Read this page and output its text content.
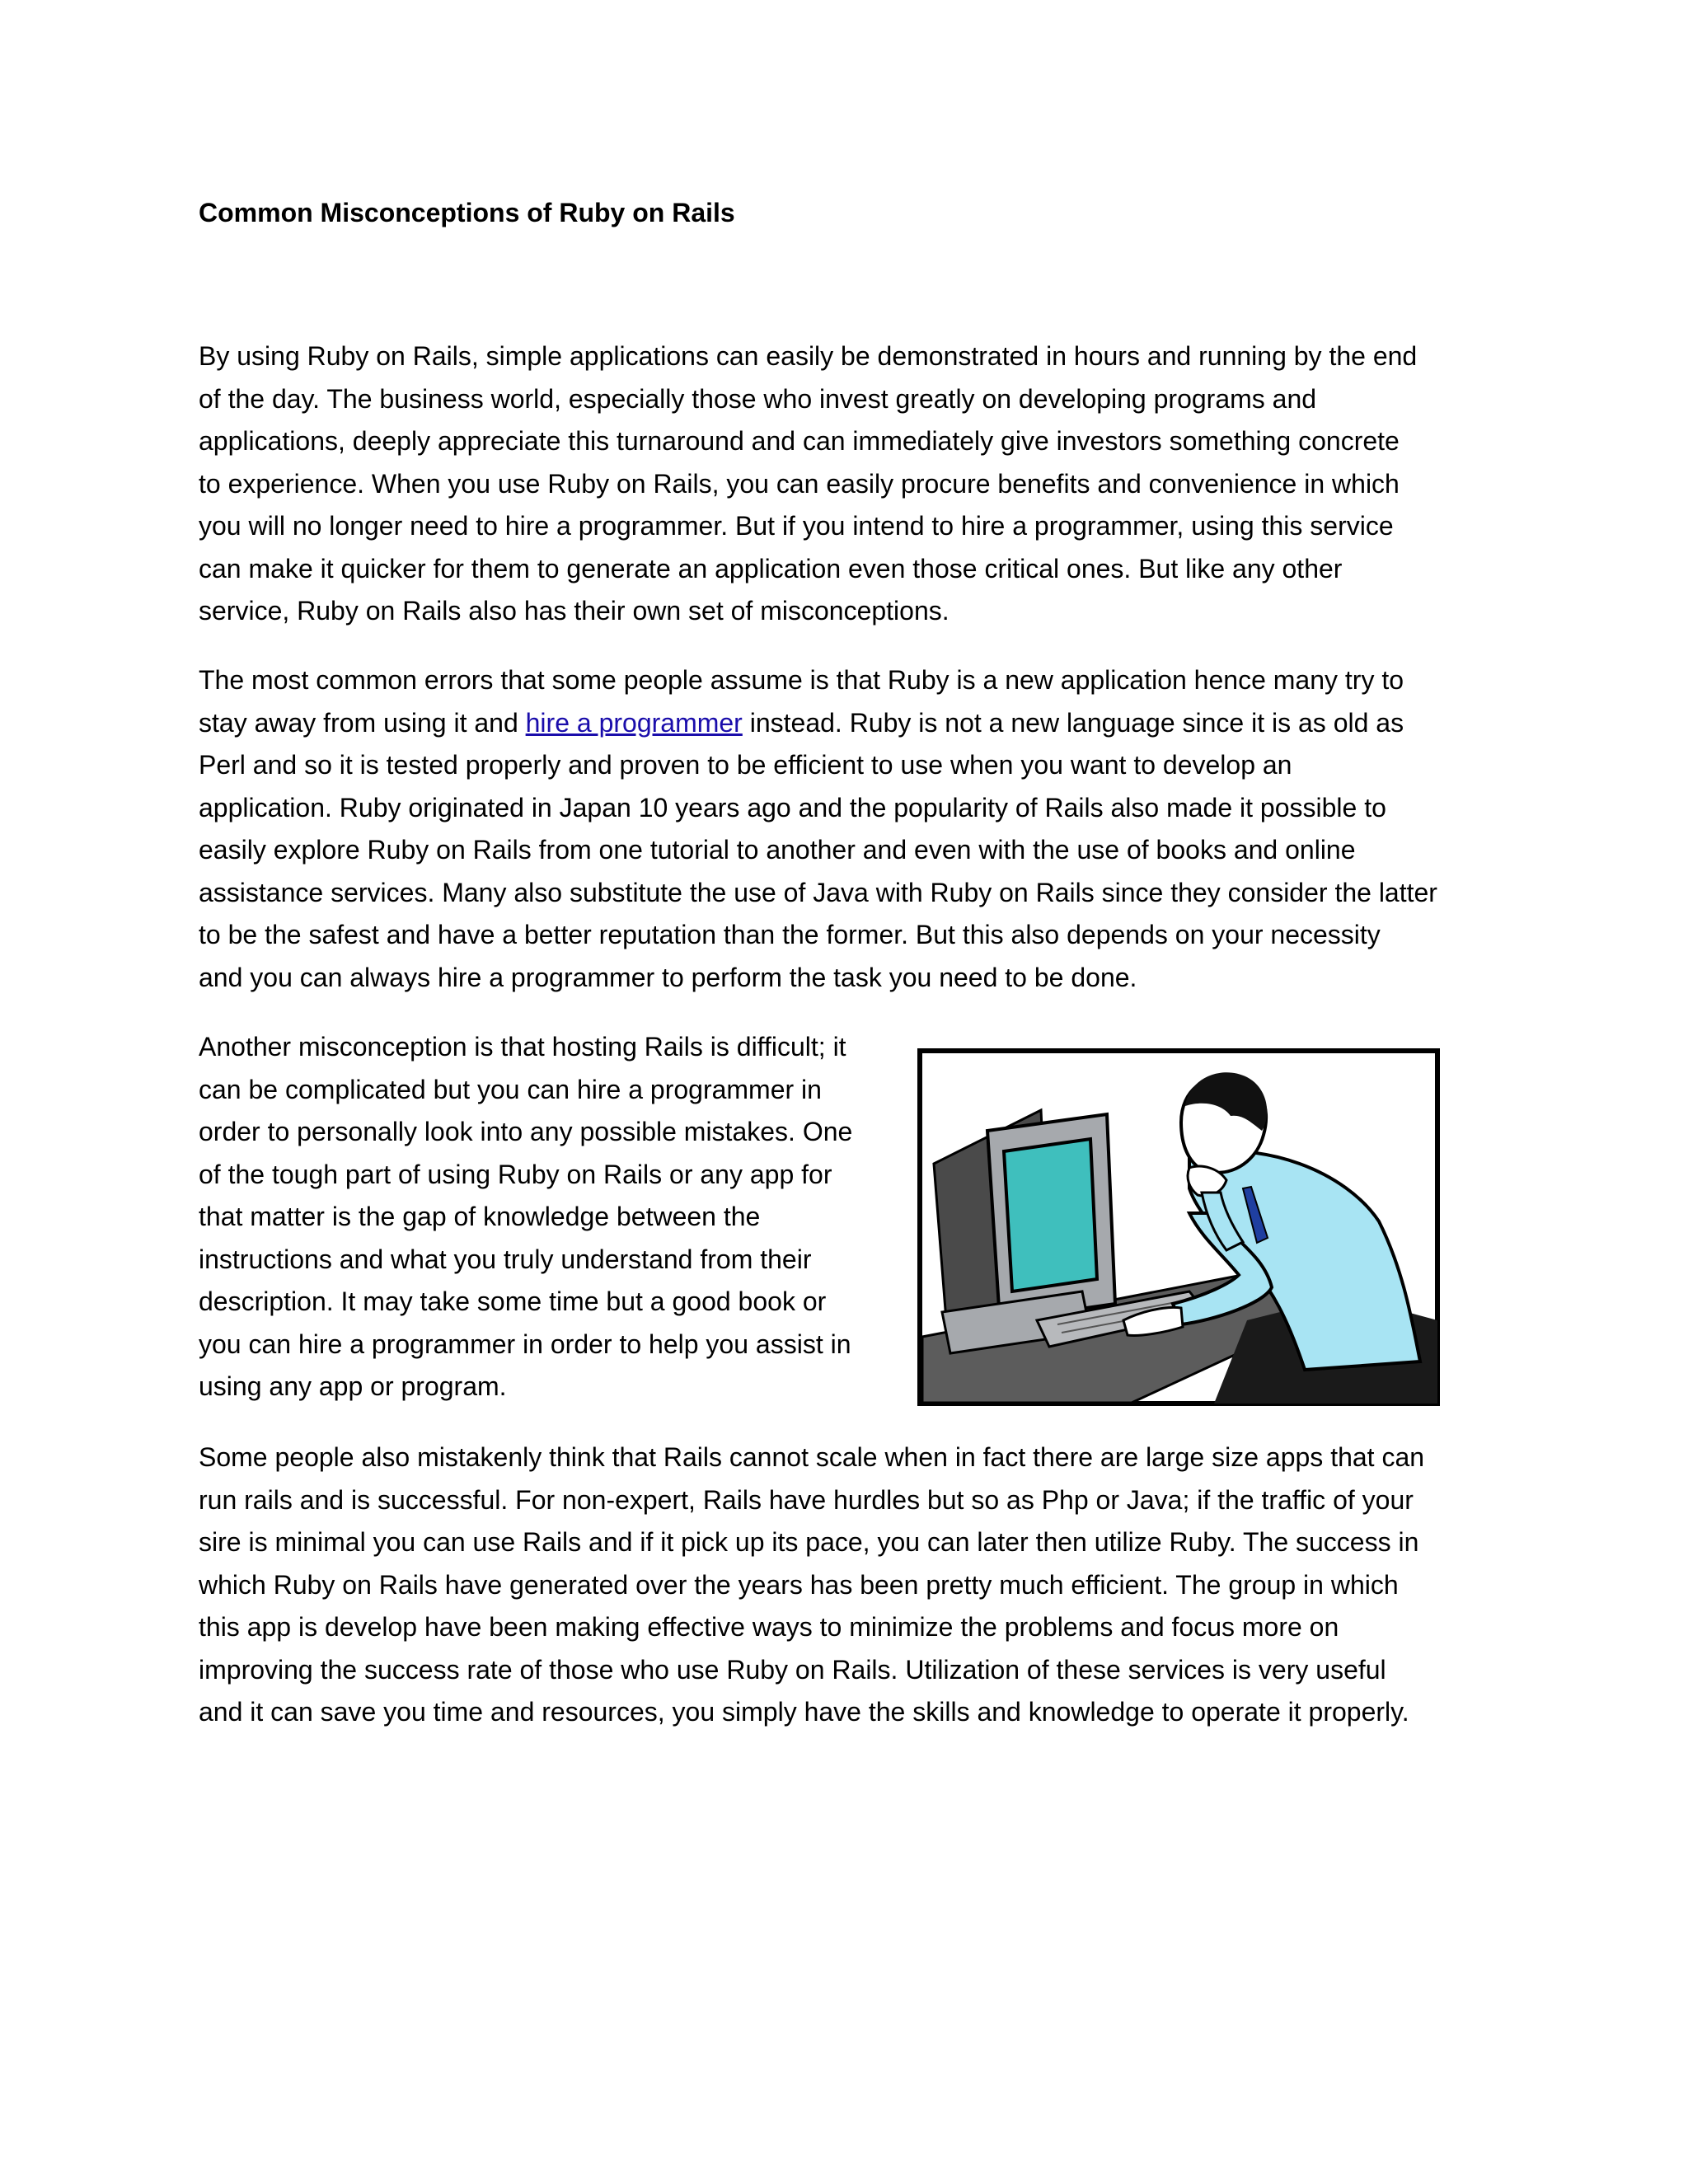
Common Misconceptions of Ruby on Rails

By using Ruby on Rails, simple applications can easily be demonstrated in hours and running by the end
of the day. The business world, especially those who invest greatly on developing programs and
applications, deeply appreciate this turnaround and can immediately give investors something concrete
to experience. When you use Ruby on Rails, you can easily procure benefits and convenience in which
you will no longer need to hire a programmer. But if you intend to hire a programmer, using this service
can make it quicker for them to generate an application even those critical ones. But like any other
service, Ruby on Rails also has their own set of misconceptions.

The most common errors that some people assume is that Ruby is a new application hence many try to
stay away from using it and hire a programmer instead. Ruby is not a new language since it is as old as
Perl and so it is tested properly and proven to be efficient to use when you want to develop an
application. Ruby originated in Japan 10 years ago and the popularity of Rails also made it possible to
easily explore Ruby on Rails from one tutorial to another and even with the use of books and online
assistance services. Many also substitute the use of Java with Ruby on Rails since they consider the latter
to be the safest and have a better reputation than the former. But this also depends on your necessity
and you can always hire a programmer to perform the task you need to be done.

Another misconception is that hosting Rails is difficult; it
can be complicated but you can hire a programmer in
order to personally look into any possible mistakes. One
of the tough part of using Ruby on Rails or any app for
that matter is the gap of knowledge between the
instructions and what you truly understand from their
description. It may take some time but a good book or
you can hire a programmer in order to help you assist in
using any app or program.

Some people also mistakenly think that Rails cannot scale when in fact there are large size apps that can
run rails and is successful. For non-expert, Rails have hurdles but so as Php or Java; if the traffic of your
sire is minimal you can use Rails and if it pick up its pace, you can later then utilize Ruby. The success in
which Ruby on Rails have generated over the years has been pretty much efficient. The group in which
this app is develop have been making effective ways to minimize the problems and focus more on
improving the success rate of those who use Ruby on Rails. Utilization of these services is very useful
and it can save you time and resources, you simply have the skills and knowledge to operate it properly.
